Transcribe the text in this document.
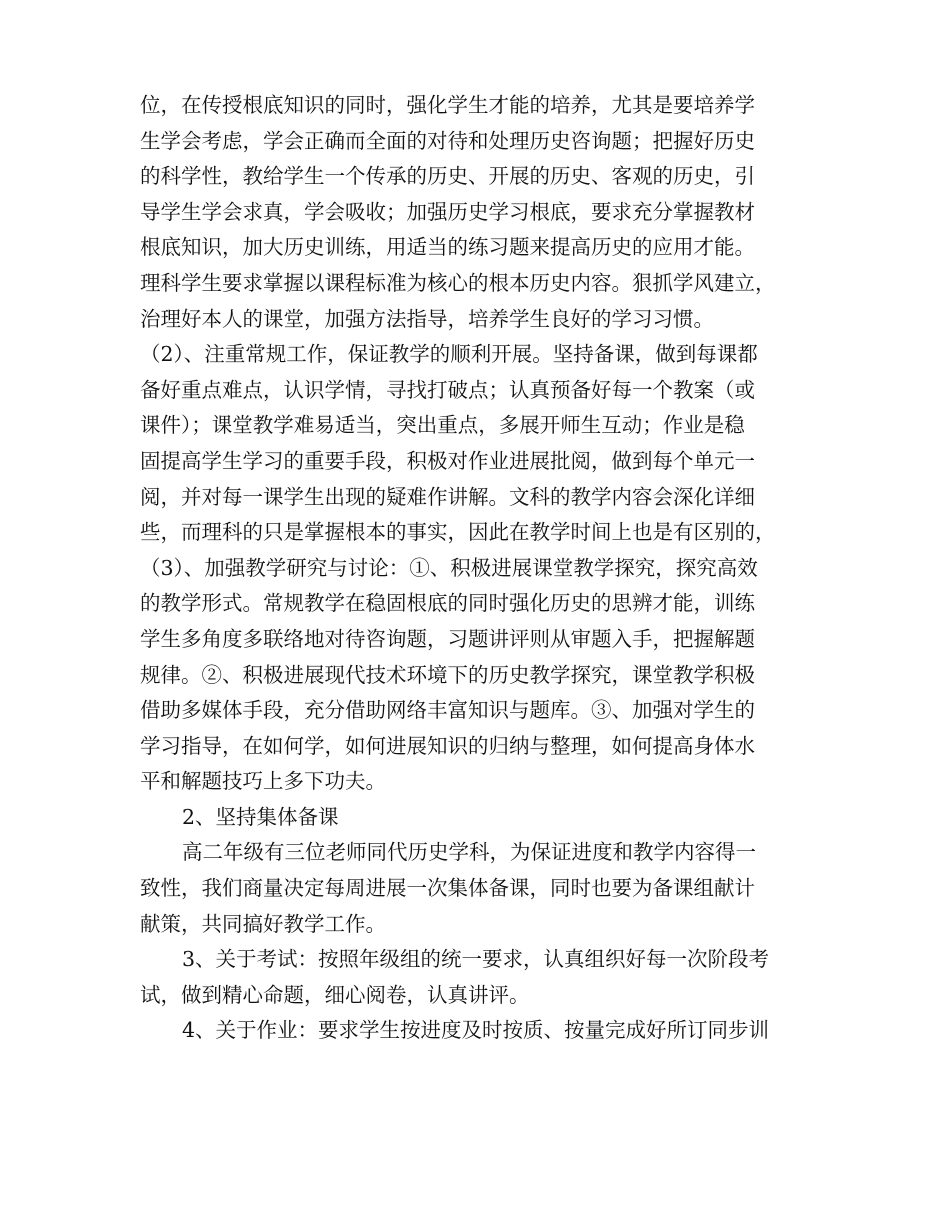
位，在传授根底知识的同时，强化学生才能的培养，尤其是要培养学
生学会考虑，学会正确而全面的对待和处理历史咨询题；把握好历史
的科学性，教给学生一个传承的历史、开展的历史、客观的历史，引
导学生学会求真，学会吸收；加强历史学习根底，要求充分掌握教材
根底知识，加大历史训练，用适当的练习题来提高历史的应用才能。
理科学生要求掌握以课程标准为核心的根本历史内容。狠抓学风建立，
治理好本人的课堂，加强方法指导，培养学生良好的学习习惯。
（2）、注重常规工作，保证教学的顺利开展。坚持备课，做到每课都
备好重点难点，认识学情，寻找打破点；认真预备好每一个教案（或
课件）；课堂教学难易适当，突出重点，多展开师生互动；作业是稳
固提高学生学习的重要手段，积极对作业进展批阅，做到每个单元一
阅，并对每一课学生出现的疑难作讲解。文科的教学内容会深化详细
些，而理科的只是掌握根本的事实，因此在教学时间上也是有区别的，
（3）、加强教学研究与讨论：①、积极进展课堂教学探究，探究高效
的教学形式。常规教学在稳固根底的同时强化历史的思辨才能，训练
学生多角度多联络地对待咨询题，习题讲评则从审题入手，把握解题
规律。②、积极进展现代技术环境下的历史教学探究，课堂教学积极
借助多媒体手段，充分借助网络丰富知识与题库。③、加强对学生的
学习指导，在如何学，如何进展知识的归纳与整理，如何提高身体水
平和解题技巧上多下功夫。
2、坚持集体备课
高二年级有三位老师同代历史学科，为保证进度和教学内容得一
致性，我们商量决定每周进展一次集体备课，同时也要为备课组献计
献策，共同搞好教学工作。
3、关于考试：按照年级组的统一要求，认真组织好每一次阶段考
试，做到精心命题，细心阅卷，认真讲评。
4、关于作业：要求学生按进度及时按质、按量完成好所订同步训
